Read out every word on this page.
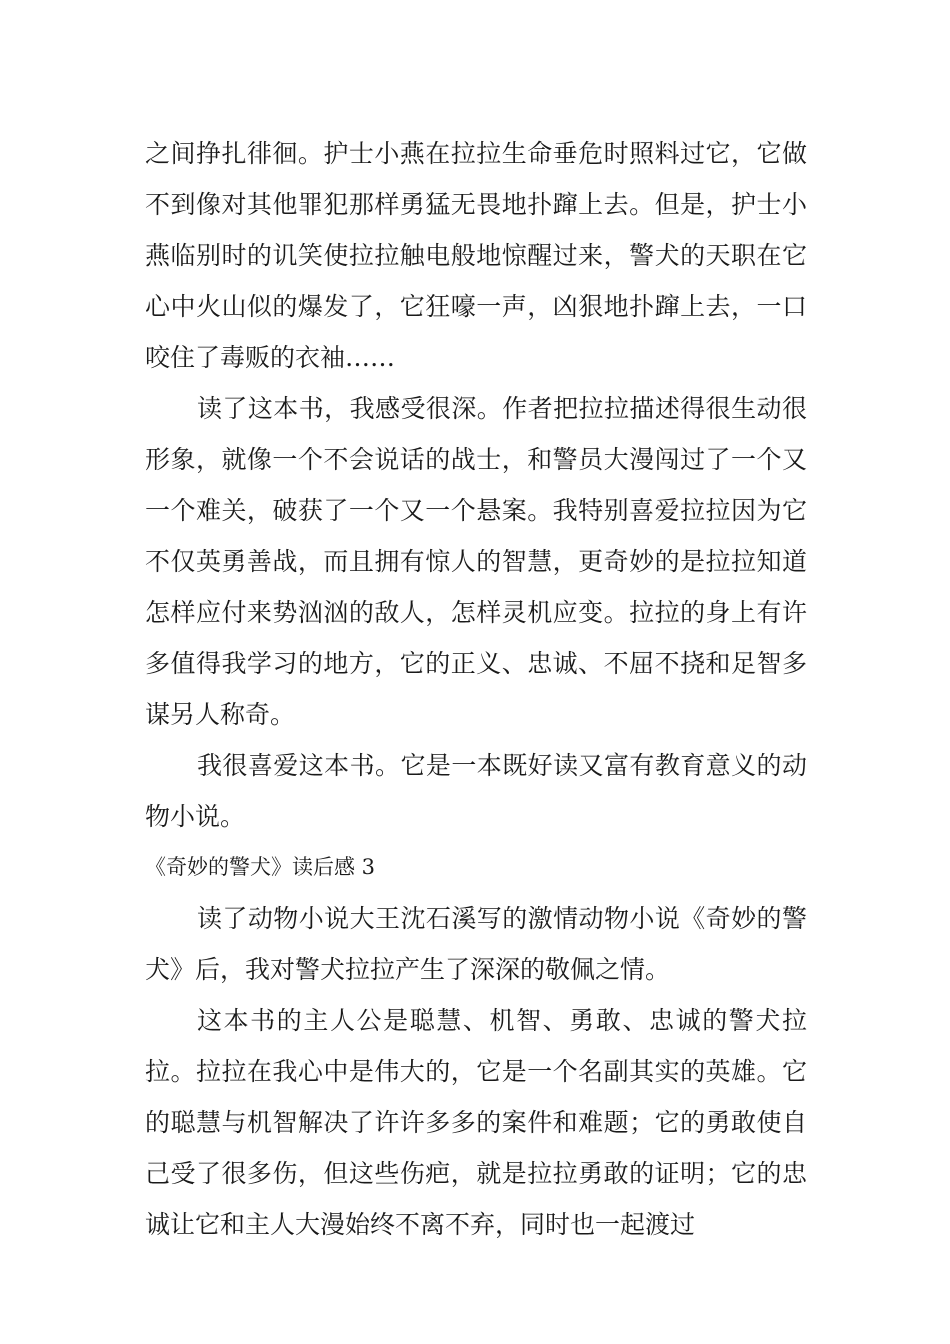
之间挣扎徘徊。护士小燕在拉拉生命垂危时照料过它，它做不到像对其他罪犯那样勇猛无畏地扑蹿上去。但是，护士小燕临别时的讥笑使拉拉触电般地惊醒过来，警犬的天职在它心中火山似的爆发了，它狂嚎一声，凶狠地扑蹿上去，一口咬住了毒贩的衣袖……

读了这本书，我感受很深。作者把拉拉描述得很生动很形象，就像一个不会说话的战士，和警员大漫闯过了一个又一个难关，破获了一个又一个悬案。我特别喜爱拉拉因为它不仅英勇善战，而且拥有惊人的智慧，更奇妙的是拉拉知道怎样应付来势汹汹的敌人，怎样灵机应变。拉拉的身上有许多值得我学习的地方，它的正义、忠诚、不屈不挠和足智多谋另人称奇。

我很喜爱这本书。它是一本既好读又富有教育意义的动物小说。

《奇妙的警犬》读后感 3

读了动物小说大王沈石溪写的激情动物小说《奇妙的警犬》后，我对警犬拉拉产生了深深的敬佩之情。

这本书的主人公是聪慧、机智、勇敢、忠诚的警犬拉拉。拉拉在我心中是伟大的，它是一个名副其实的英雄。它的聪慧与机智解决了许许多多的案件和难题；它的勇敢使自己受了很多伤，但这些伤疤，就是拉拉勇敢的证明；它的忠诚让它和主人大漫始终不离不弃，同时也一起渡过
